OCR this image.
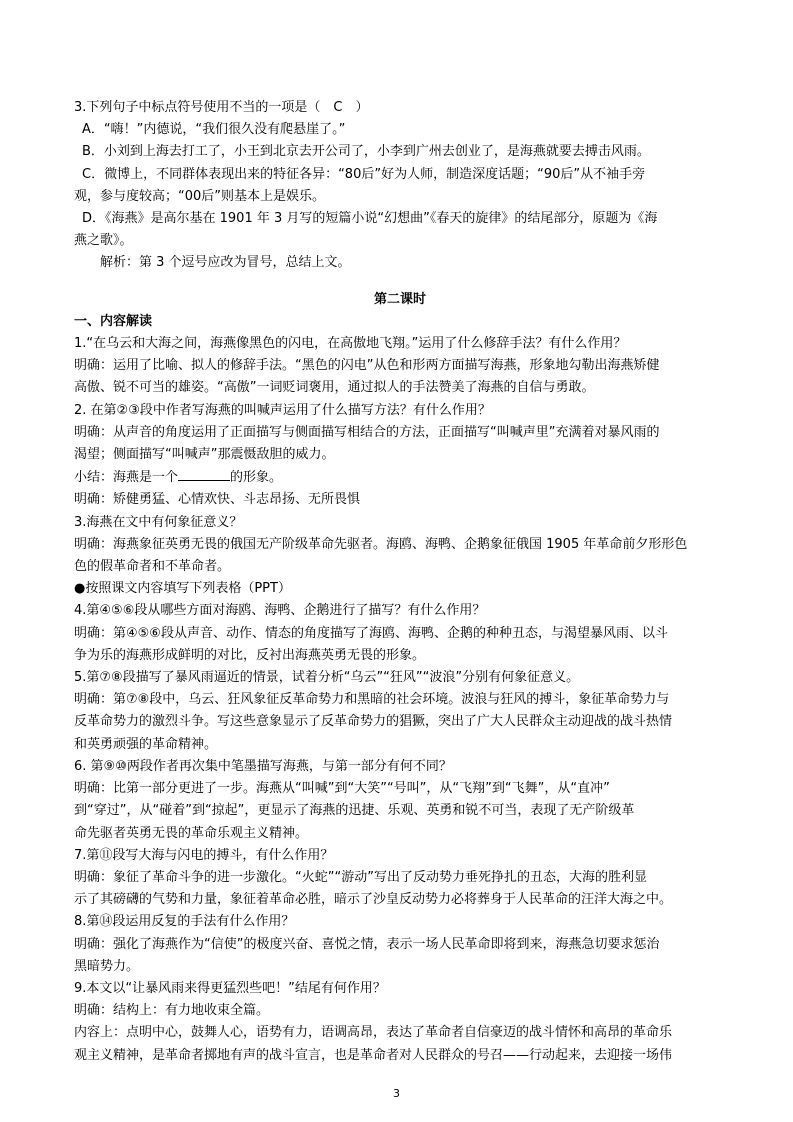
3.下列句子中标点符号使用不当的一项是（　C　）
A．“嗨！”内德说，“我们很久没有爬悬崖了。”
B．小刘到上海去打工了，小王到北京去开公司了，小李到广州去创业了，是海燕就要去搏击风雨。
C．微博上，不同群体表现出来的特征各异：“80后”好为人师，制造深度话题；“90后”从不袖手旁
观，参与度较高；“00后”则基本上是娱乐。
D．《海燕》是高尔基在 1901 年 3 月写的短篇小说“幻想曲”《春天的旋律》的结尾部分，原题为《海
燕之歌》。
解析：第 3 个逗号应改为冒号，总结上文。
第二课时
一、内容解读
1.“在乌云和大海之间，海燕像黑色的闪电，在高傲地飞翔。”运用了什么修辞手法？有什么作用？
明确：运用了比喻、拟人的修辞手法。“黑色的闪电”从色和形两方面描写海燕，形象地勾勒出海燕矫健
高傲、锐不可当的雄姿。“高傲”一词贬词褒用，通过拟人的手法赞美了海燕的自信与勇敢。
2. 在第②③段中作者写海燕的叫喊声运用了什么描写方法？有什么作用？
明确：从声音的角度运用了正面描写与侧面描写相结合的方法，正面描写“叫喊声里”充满着对暴风雨的
渴望；侧面描写“叫喊声”那震慑敌胆的威力。
小结：海燕是一个	的形象。
明确：矫健勇猛、心情欢快、斗志昂扬、无所畏惧
3.海燕在文中有何象征意义？
明确：海燕象征英勇无畏的俄国无产阶级革命先驱者。海鸥、海鸭、企鹅象征俄国 1905 年革命前夕形形色
色的假革命者和不革命者。
●按照课文内容填写下列表格（PPT）
4.第④⑤⑥段从哪些方面对海鸥、海鸭、企鹅进行了描写？有什么作用？
明确：第④⑤⑥段从声音、动作、情态的角度描写了海鸥、海鸭、企鹅的种种丑态，与渴望暴风雨、以斗
争为乐的海燕形成鲜明的对比，反衬出海燕英勇无畏的形象。
5.第⑦⑧段描写了暴风雨逼近的情景，试着分析“乌云”“狂风”“波浪”分别有何象征意义。
明确：第⑦⑧段中，乌云、狂风象征反革命势力和黑暗的社会环境。波浪与狂风的搏斗，象征革命势力与
反革命势力的激烈斗争。写这些意象显示了反革命势力的猖獗，突出了广大人民群众主动迎战的战斗热情
和英勇顽强的革命精神。
6. 第⑨⑩两段作者再次集中笔墨描写海燕，与第一部分有何不同？
明确：比第一部分更进了一步。海燕从“叫喊”到“大笑”“号叫”，从“飞翔”到“飞舞”，从“直冲”
到“穿过”，从“碰着”到“掠起”，更显示了海燕的迅捷、乐观、英勇和锐不可当，表现了无产阶级革
命先驱者英勇无畏的革命乐观主义精神。
7.第⑪段写大海与闪电的搏斗，有什么作用？
明确：象征了革命斗争的进一步激化。“火蛇”“游动”写出了反动势力垂死挣扎的丑态，大海的胜利显
示了其磅礴的气势和力量，象征着革命必胜，暗示了沙皇反动势力必将葬身于人民革命的汪洋大海之中。
8.第⑭段运用反复的手法有什么作用？
明确：强化了海燕作为“信使”的极度兴奋、喜悦之情，表示一场人民革命即将到来，海燕急切要求惩治
黑暗势力。
9.本文以“让暴风雨来得更猛烈些吧！”结尾有何作用？
明确：结构上：有力地收束全篇。
内容上：点明中心，鼓舞人心，语势有力，语调高昂，表达了革命者自信豪迈的战斗情怀和高昂的革命乐
观主义精神，是革命者掷地有声的战斗宣言，也是革命者对人民群众的号召——行动起来，去迎接一场伟
3
